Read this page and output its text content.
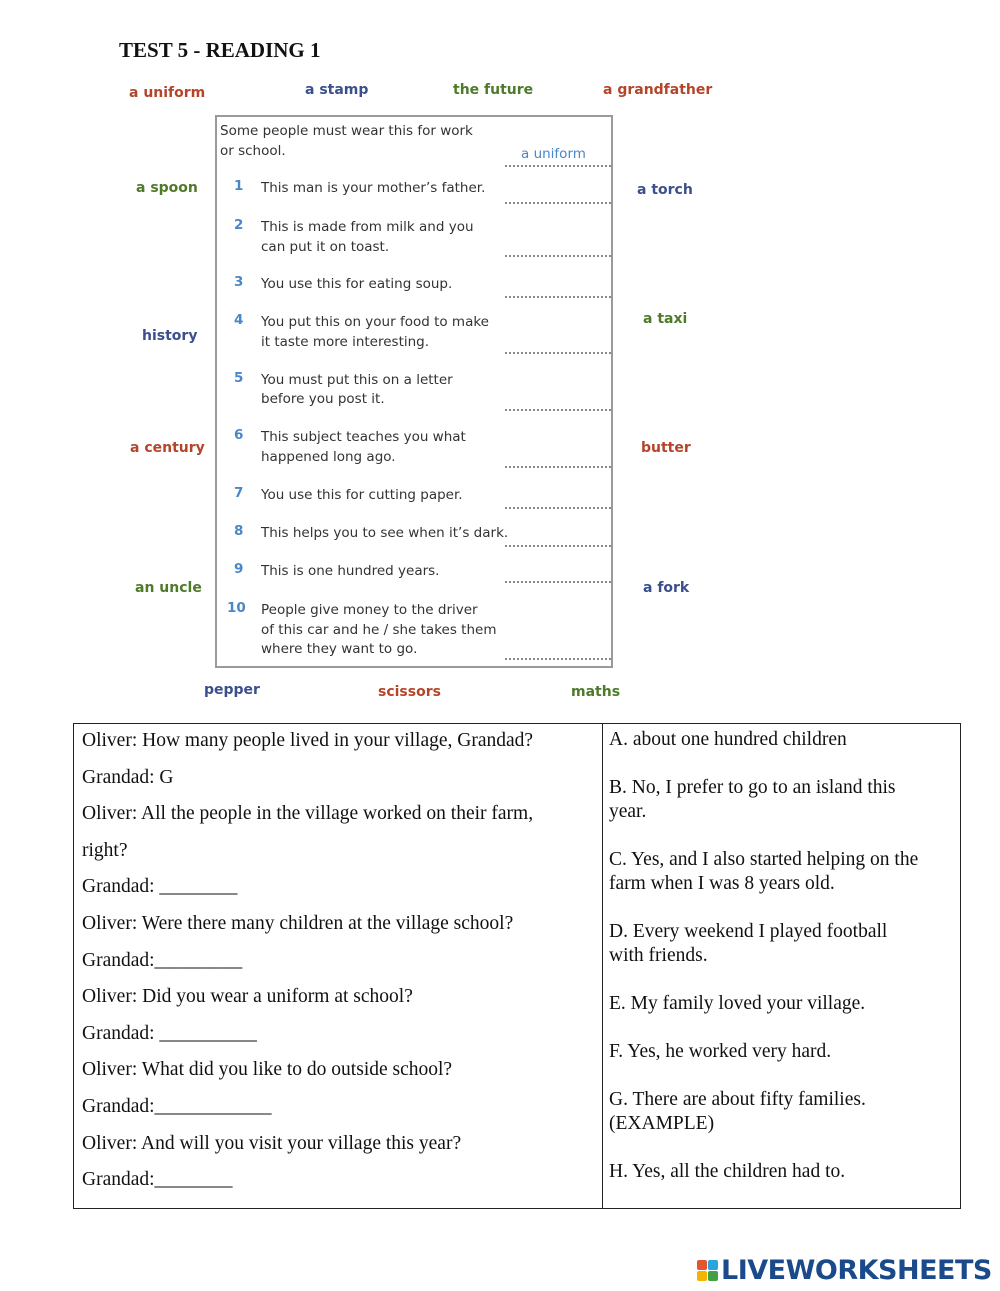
TEST 5 - READING 1
a uniform	a stamp	the future	a grandfather
a spoon	a torch
history
a taxi
a century	butter
an uncle	a fork
pepper	scissors	maths
Some people must wear this for work
or school.	a uniform
1 This man is your mother’s father.
2 This is made from milk and you
can put it on toast.
3 You use this for eating soup.
4 You put this on your food to make
it taste more interesting.
5 You must put this on a letter
before you post it.
6 This subject teaches you what
happened long ago.
7 You use this for cutting paper.
8 This helps you to see when it’s dark.
9 This is one hundred years.
10 People give money to the driver
of this car and he / she takes them
where they want to go.
Oliver: How many people lived in your village, Grandad?
Grandad: G
Oliver: All the people in the village worked on their farm,
right?
Grandad: ________
Oliver: Were there many children at the village school?
Grandad:_________
Oliver: Did you wear a uniform at school?
Grandad: __________
Oliver: What did you like to do outside school?
Grandad:____________
Oliver: And will you visit your village this year?
Grandad:________

A. about one hundred children
B. No, I prefer to go to an island this
year.
C. Yes, and I also started helping on the
farm when I was 8 years old.
D. Every weekend I played football
with friends.
E. My family loved your village.
F. Yes, he worked very hard.
G. There are about fifty families.
(EXAMPLE)
H. Yes, all the children had to.
LIVEWORKSHEETS
